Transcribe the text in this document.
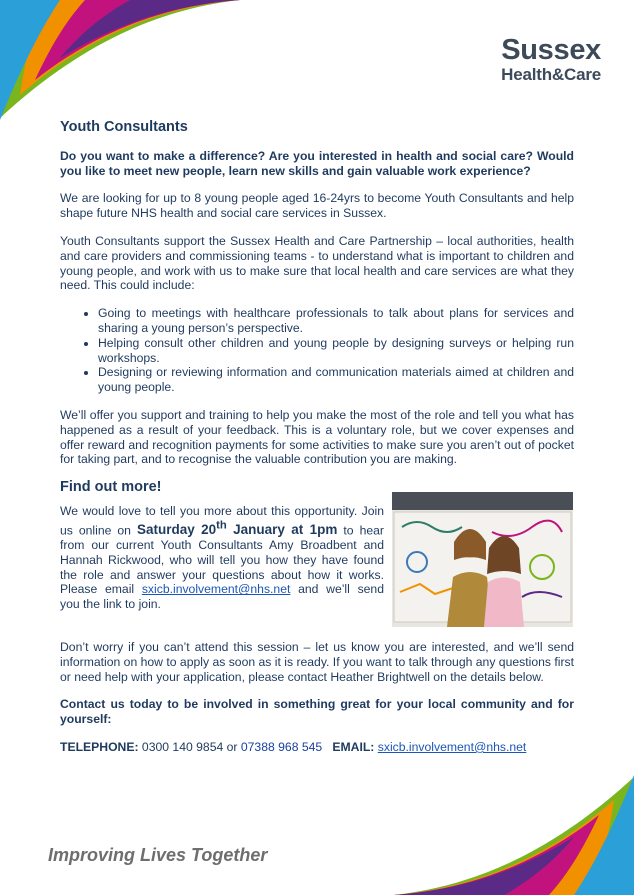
Sussex
Health&Care
Youth Consultants

Do you want to make a difference? Are you interested in health and social care? Would you like to meet new people, learn new skills and gain valuable work experience?

We are looking for up to 8 young people aged 16-24yrs to become Youth Consultants and help shape future NHS health and social care services in Sussex.

Youth Consultants support the Sussex Health and Care Partnership – local authorities, health and care providers and commissioning teams - to understand what is important to children and young people, and work with us to make sure that local health and care services are what they need. This could include:

• Going to meetings with healthcare professionals to talk about plans for services and sharing a young person’s perspective.
• Helping consult other children and young people by designing surveys or helping run workshops.
• Designing or reviewing information and communication materials aimed at children and young people.

We’ll offer you support and training to help you make the most of the role and tell you what has happened as a result of your feedback. This is a voluntary role, but we cover expenses and offer reward and recognition payments for some activities to make sure you aren’t out of pocket for taking part, and to recognise the valuable contribution you are making.

Find out more!

We would love to tell you more about this opportunity. Join us online on Saturday 20th January at 1pm to hear from our current Youth Consultants Amy Broadbent and Hannah Rickwood, who will tell you how they have found the role and answer your questions about how it works. Please email sxicb.involvement@nhs.net and we’ll send you the link to join.

Don’t worry if you can’t attend this session – let us know you are interested, and we’ll send information on how to apply as soon as it is ready. If you want to talk through any questions first or need help with your application, please contact Heather Brightwell on the details below.

Contact us today to be involved in something great for your local community and for yourself:

TELEPHONE: 0300 140 9854 or 07388 968 545 EMAIL: sxicb.involvement@nhs.net

Improving Lives Together
